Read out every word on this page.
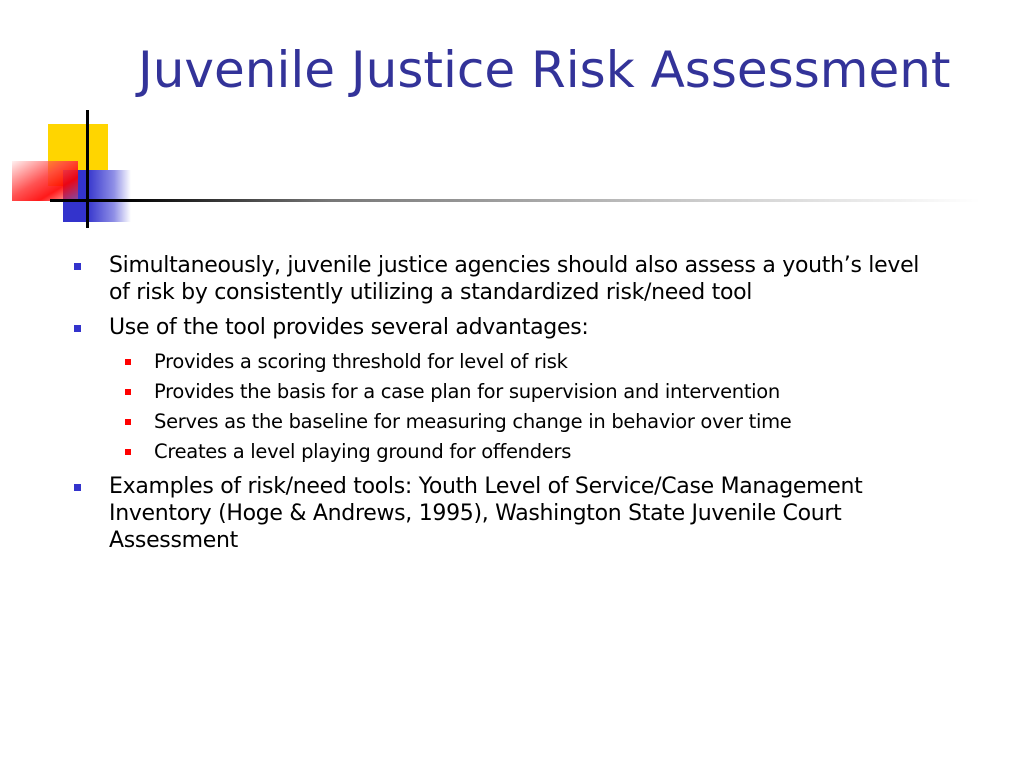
Juvenile Justice Risk Assessment
Simultaneously, juvenile justice agencies should also assess a youth’s level of risk by consistently utilizing a standardized risk/need tool
Use of the tool provides several advantages:
Provides a scoring threshold for level of risk
Provides the basis for a case plan for supervision and intervention
Serves as the baseline for measuring change in behavior over time
Creates a level playing ground for offenders
Examples of risk/need tools: Youth Level of Service/Case Management Inventory (Hoge & Andrews, 1995), Washington State Juvenile Court Assessment
